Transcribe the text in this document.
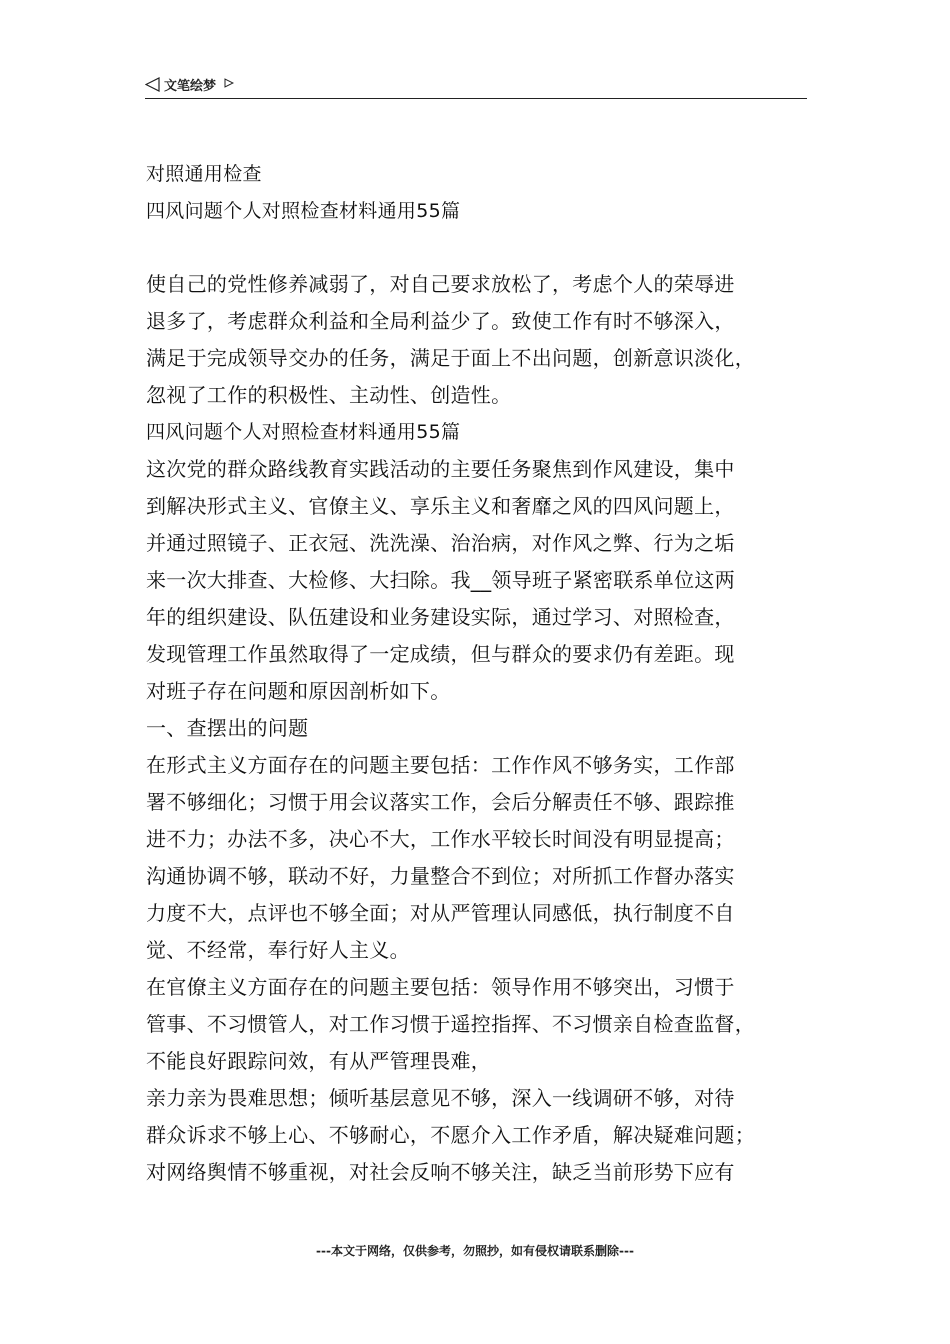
文笔绘梦
对照通用检查
四风问题个人对照检查材料通用55篇
使自己的党性修养减弱了，对自己要求放松了，考虑个人的荣辱进
退多了，考虑群众利益和全局利益少了。致使工作有时不够深入，
满足于完成领导交办的任务，满足于面上不出问题，创新意识淡化，
忽视了工作的积极性、主动性、创造性。
四风问题个人对照检查材料通用55篇
这次党的群众路线教育实践活动的主要任务聚焦到作风建设，集中
到解决形式主义、官僚主义、享乐主义和奢靡之风的四风问题上，
并通过照镜子、正衣冠、洗洗澡、治治病，对作风之弊、行为之垢
来一次大排查、大检修、大扫除。我__领导班子紧密联系单位这两
年的组织建设、队伍建设和业务建设实际，通过学习、对照检查，
发现管理工作虽然取得了一定成绩，但与群众的要求仍有差距。现
对班子存在问题和原因剖析如下。
一、查摆出的问题
在形式主义方面存在的问题主要包括：工作作风不够务实，工作部
署不够细化；习惯于用会议落实工作，会后分解责任不够、跟踪推
进不力；办法不多，决心不大，工作水平较长时间没有明显提高；
沟通协调不够，联动不好，力量整合不到位；对所抓工作督办落实
力度不大，点评也不够全面；对从严管理认同感低，执行制度不自
觉、不经常，奉行好人主义。
在官僚主义方面存在的问题主要包括：领导作用不够突出，习惯于
管事、不习惯管人，对工作习惯于遥控指挥、不习惯亲自检查监督，
不能良好跟踪问效，有从严管理畏难，
亲力亲为畏难思想；倾听基层意见不够，深入一线调研不够，对待
群众诉求不够上心、不够耐心，不愿介入工作矛盾，解决疑难问题；
对网络舆情不够重视，对社会反响不够关注，缺乏当前形势下应有
---本文于网络，仅供参考，勿照抄，如有侵权请联系删除---
